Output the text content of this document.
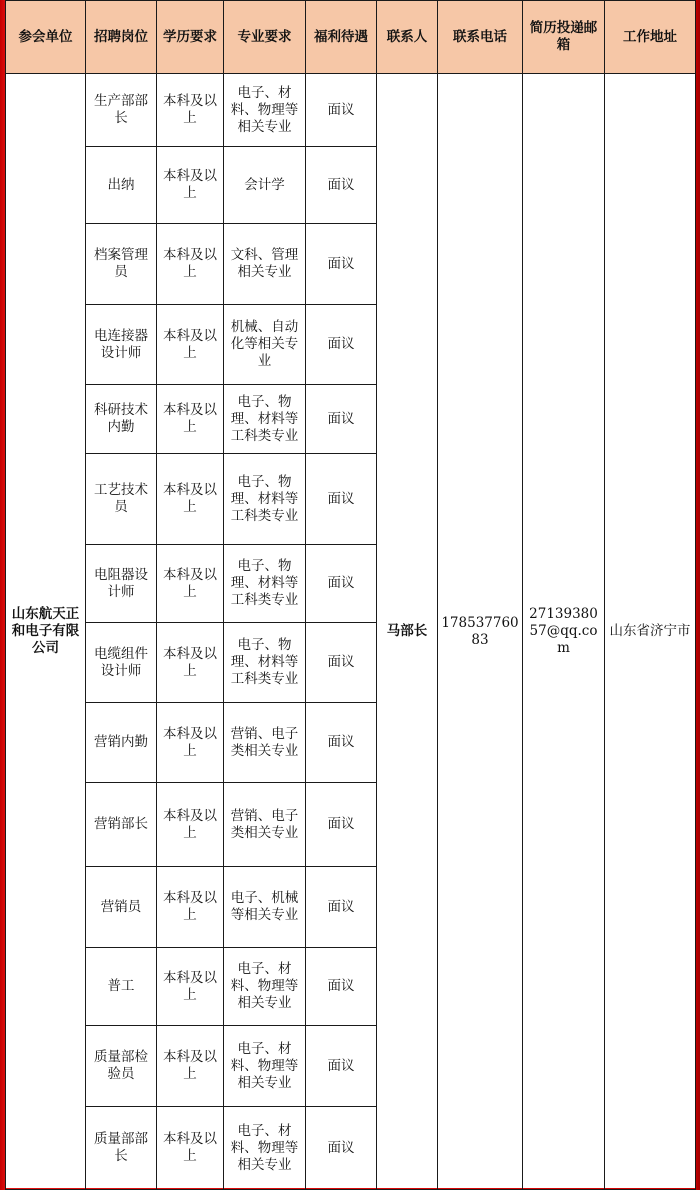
参会单位	招聘岗位	学历要求	专业要求	福利待遇	联系人	联系电话	简历投递邮箱	工作地址
山东航天正和电子有限公司	生产部部长	本科及以上	电子、材料、物理等相关专业	面议	马部长	17853776083	2713938057@qq.com	山东省济宁市
	出纳	本科及以上	会计学	面议				
	档案管理员	本科及以上	文科、管理相关专业	面议				
	电连接器设计师	本科及以上	机械、自动化等相关专业	面议				
	科研技术内勤	本科及以上	电子、物理、材料等工科类专业	面议				
	工艺技术员	本科及以上	电子、物理、材料等工科类专业	面议				
	电阻器设计师	本科及以上	电子、物理、材料等工科类专业	面议				
	电缆组件设计师	本科及以上	电子、物理、材料等工科类专业	面议				
	营销内勤	本科及以上	营销、电子类相关专业	面议				
	营销部长	本科及以上	营销、电子类相关专业	面议				
	营销员	本科及以上	电子、机械等相关专业	面议				
	普工	本科及以上	电子、材料、物理等相关专业	面议				
	质量部检验员	本科及以上	电子、材料、物理等相关专业	面议				
	质量部部长	本科及以上	电子、材料、物理等相关专业	面议				
